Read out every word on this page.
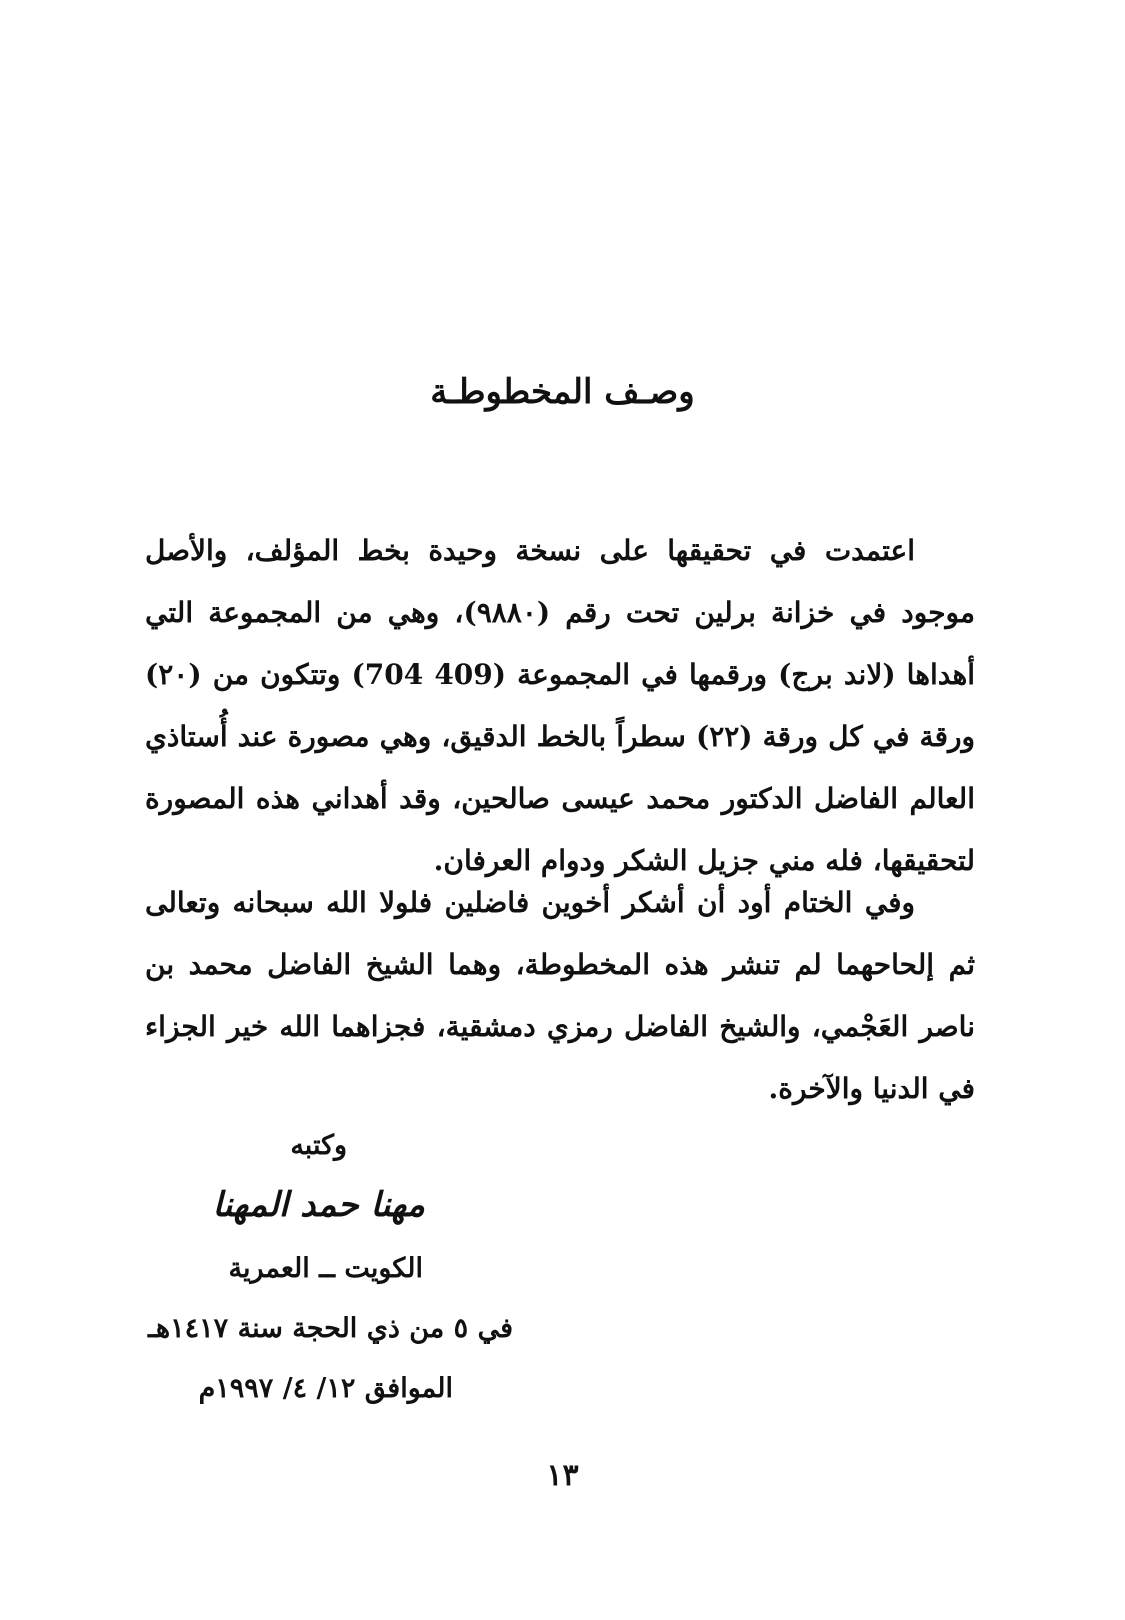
وصـف المخطوطـة
اعتمدت في تحقيقها على نسخة وحيدة بخط المؤلف، والأصل
موجود في خزانة برلين تحت رقم (٩٨٨٠)، وهي من المجموعة التي
أهداها (لاند برج) ورقمها في المجموعة (409 704) وتتكون من (٢٠)
ورقة في كل ورقة (٢٢) سطراً بالخط الدقيق، وهي مصورة عند أُستاذي
العالم الفاضل الدكتور محمد عيسى صالحين، وقد أهداني هذه المصورة
لتحقيقها، فله مني جزيل الشكر ودوام العرفان.
وفي الختام أود أن أشكر أخوين فاضلين فلولا الله سبحانه وتعالى
ثم إلحاحهما لم تنشر هذه المخطوطة، وهما الشيخ الفاضل محمد بن
ناصر العَجْمي، والشيخ الفاضل رمزي دمشقية، فجزاهما الله خير الجزاء
في الدنيا والآخرة.

وكتبه

مهنا حمد المهنا

الكويت ــ العمرية

في ٥ من ذي الحجة سنة ١٤١٧هـ

الموافق ١٢/ ٤/ ١٩٩٧م

١٣
